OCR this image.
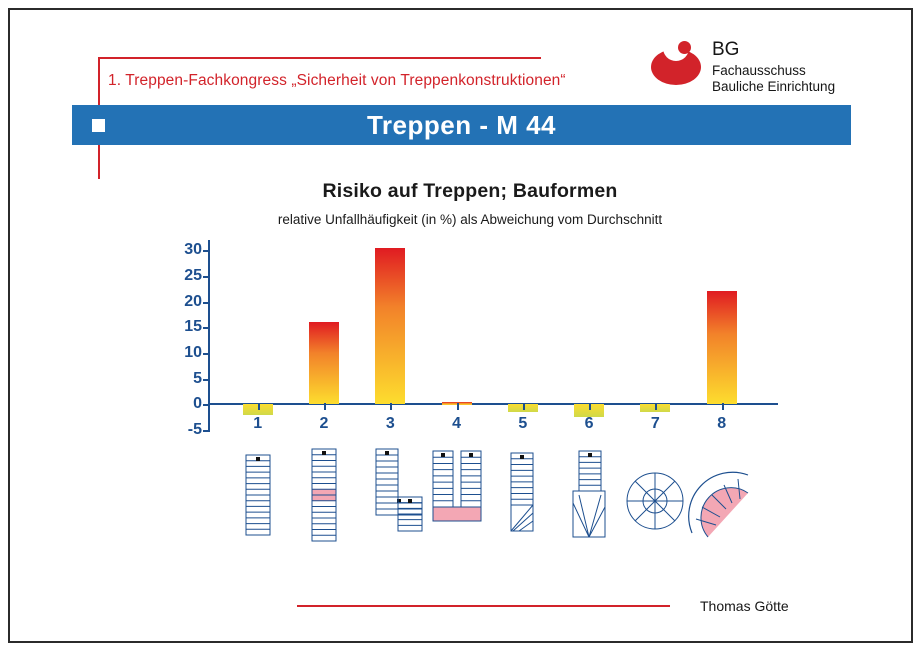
1. Treppen-Fachkongress „Sicherheit von Treppenkonstruktionen“
BG
Fachausschuss
Bauliche Einrichtung
Treppen - M 44
Risiko auf Treppen; Bauformen
relative Unfallhäufigkeit (in %) als Abweichung vom Durchschnitt
30
25
20
15
10
5
0
-5	1	2	3	4	5	6	7	8
Thomas Götte
